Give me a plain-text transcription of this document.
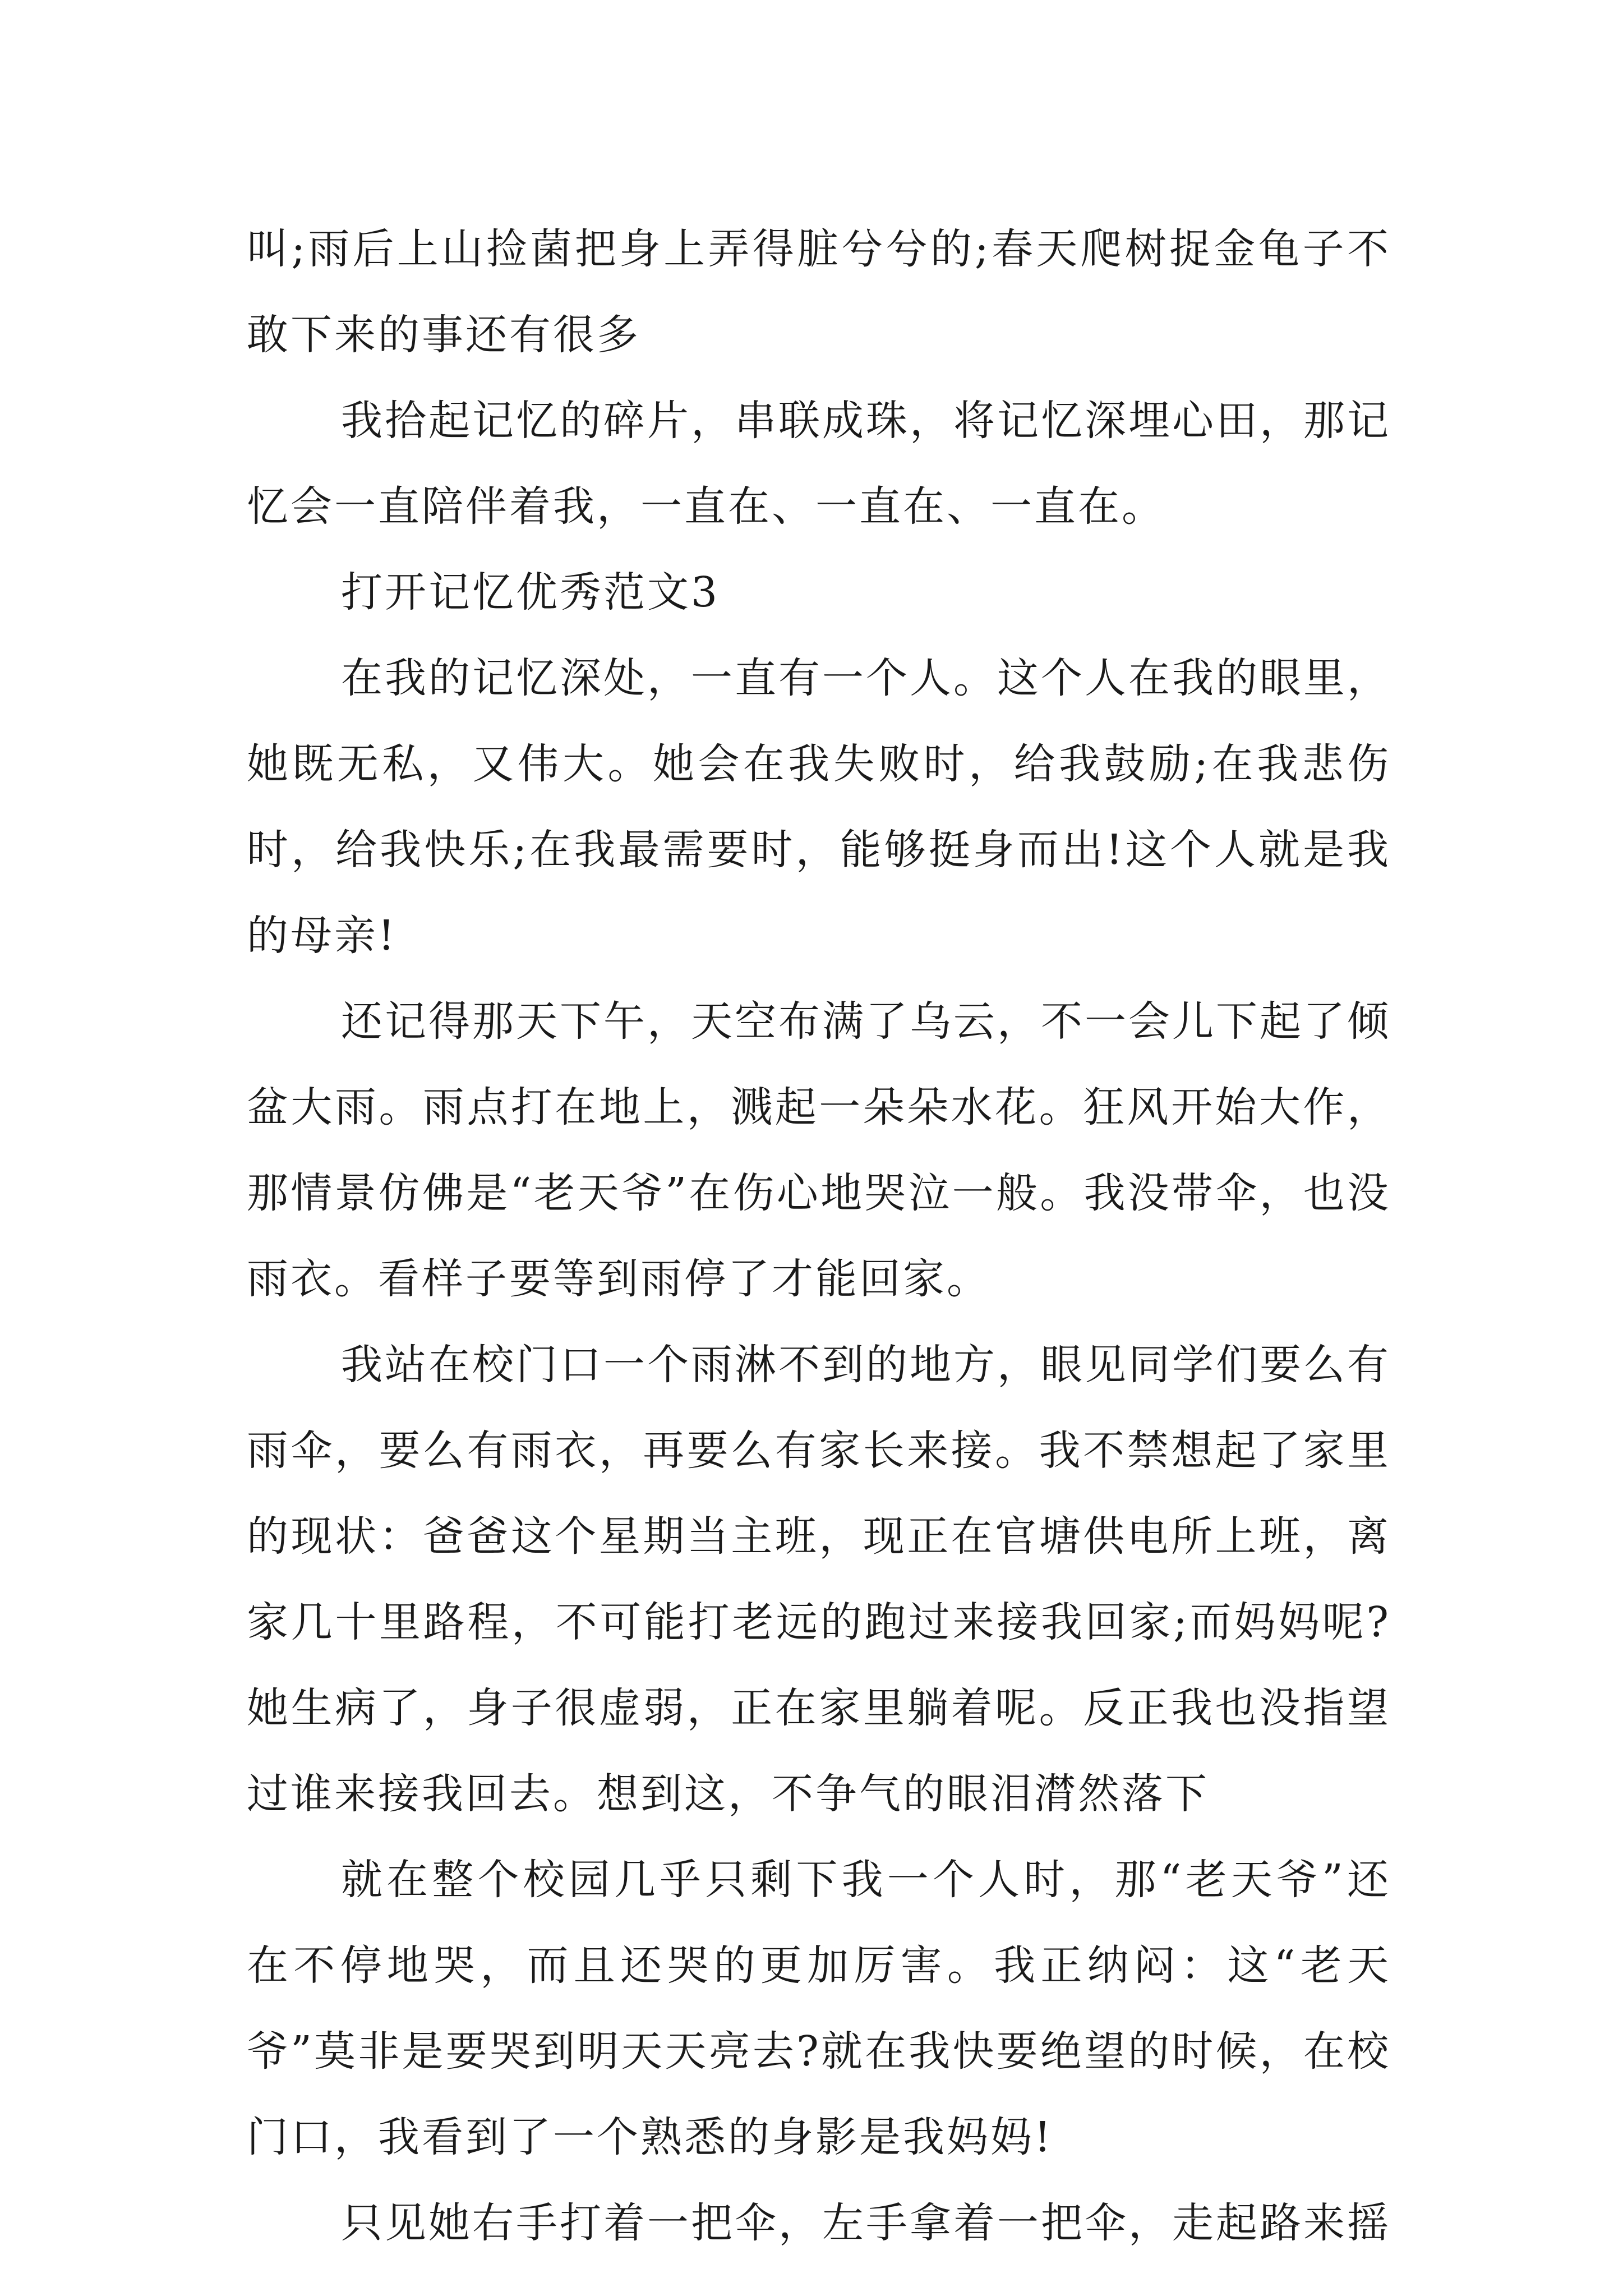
叫;雨后上山捡菌把身上弄得脏兮兮的;春天爬树捉金龟子不敢下来的事还有很多

我拾起记忆的碎片，串联成珠，将记忆深埋心田，那记忆会一直陪伴着我，一直在、一直在、一直在。

打开记忆优秀范文3

在我的记忆深处，一直有一个人。这个人在我的眼里，她既无私，又伟大。她会在我失败时，给我鼓励;在我悲伤时，给我快乐;在我最需要时，能够挺身而出!这个人就是我的母亲!

还记得那天下午，天空布满了乌云，不一会儿下起了倾盆大雨。雨点打在地上，溅起一朵朵水花。狂风开始大作，那情景仿佛是“老天爷”在伤心地哭泣一般。我没带伞，也没雨衣。看样子要等到雨停了才能回家。

我站在校门口一个雨淋不到的地方，眼见同学们要么有雨伞，要么有雨衣，再要么有家长来接。我不禁想起了家里的现状：爸爸这个星期当主班，现正在官塘供电所上班，离家几十里路程，不可能打老远的跑过来接我回家;而妈妈呢?她生病了，身子很虚弱，正在家里躺着呢。反正我也没指望过谁来接我回去。想到这，不争气的眼泪潸然落下

就在整个校园几乎只剩下我一个人时，那“老天爷”还在不停地哭，而且还哭的更加厉害。我正纳闷：这“老天爷”莫非是要哭到明天天亮去?就在我快要绝望的时候，在校门口，我看到了一个熟悉的身影是我妈妈!

只见她右手打着一把伞，左手拿着一把伞，走起路来摇
